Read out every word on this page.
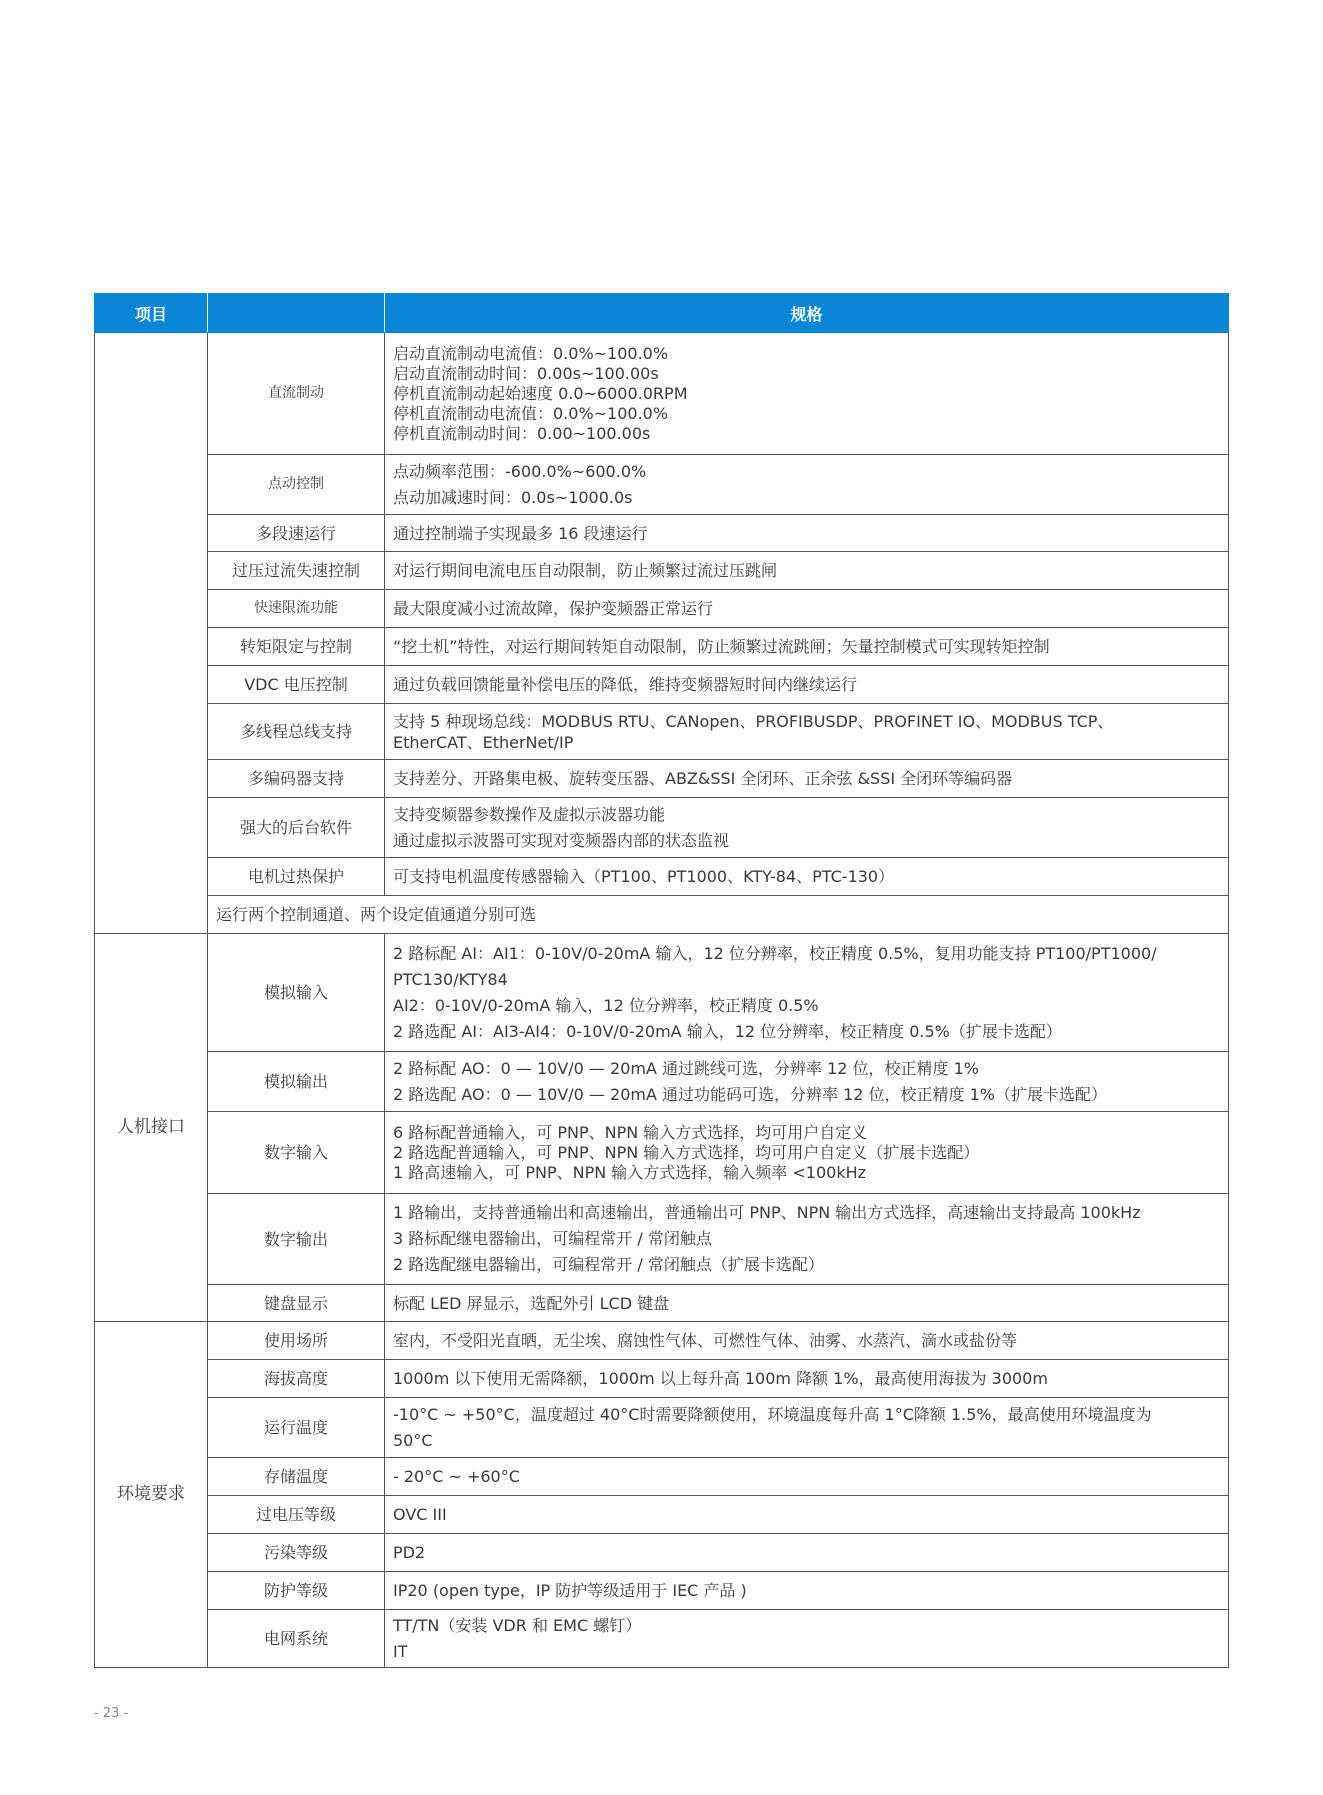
项目		规格
	直流制动	启动直流制动电流值：0.0%~100.0%
启动直流制动时间：0.00s~100.00s
停机直流制动起始速度 0.0~6000.0RPM
停机直流制动电流值：0.0%~100.0%
停机直流制动时间：0.00~100.00s

	点动控制	点动频率范围：-600.0%~600.0%
点动加减速时间：0.0s~1000.0s

	多段速运行	通过控制端子实现最多 16 段速运行

	过压过流失速控制	对运行期间电流电压自动限制，防止频繁过流过压跳闸

	快速限流功能	最大限度减小过流故障，保护变频器正常运行

	转矩限定与控制	“挖土机”特性，对运行期间转矩自动限制，防止频繁过流跳闸；矢量控制模式可实现转矩控制

	VDC 电压控制	通过负载回馈能量补偿电压的降低，维持变频器短时间内继续运行

	多线程总线支持	支持 5 种现场总线：MODBUS RTU、CANopen、PROFIBUSDP、PROFINET IO、MODBUS TCP、
EtherCAT、EtherNet/IP

	多编码器支持	支持差分、开路集电极、旋转变压器、ABZ&SSI 全闭环、正余弦 &SSI 全闭环等编码器

	强大的后台软件	支持变频器参数操作及虚拟示波器功能
通过虚拟示波器可实现对变频器内部的状态监视

	电机过热保护	可支持电机温度传感器输入（PT100、PT1000、KTY-84、PTC-130）

	运行两个控制通道、两个设定值通道分别可选	
人机接口	模拟输入	2 路标配 AI：AI1：0-10V/0-20mA 输入，12 位分辨率，校正精度 0.5%，复用功能支持 PT100/PT1000/
PTC130/KTY84
AI2：0-10V/0-20mA 输入，12 位分辨率，校正精度 0.5%
2 路选配 AI：AI3-AI4：0-10V/0-20mA 输入，12 位分辨率，校正精度 0.5%（扩展卡选配）

	模拟输出	2 路标配 AO：0 — 10V/0 — 20mA 通过跳线可选，分辨率 12 位，校正精度 1%
2 路选配 AO：0 — 10V/0 — 20mA 通过功能码可选，分辨率 12 位，校正精度 1%（扩展卡选配）

	数字输入	6 路标配普通输入，可 PNP、NPN 输入方式选择，均可用户自定义
2 路选配普通输入，可 PNP、NPN 输入方式选择，均可用户自定义（扩展卡选配）
1 路高速输入，可 PNP、NPN 输入方式选择，输入频率 <100kHz

	数字输出	1 路输出，支持普通输出和高速输出，普通输出可 PNP、NPN 输出方式选择，高速输出支持最高 100kHz
3 路标配继电器输出，可编程常开 / 常闭触点
2 路选配继电器输出，可编程常开 / 常闭触点（扩展卡选配）

	键盘显示	标配 LED 屏显示，选配外引 LCD 键盘

环境要求	使用场所	室内，不受阳光直晒，无尘埃、腐蚀性气体、可燃性气体、油雾、水蒸汽、滴水或盐份等

	海拔高度	1000m 以下使用无需降额，1000m 以上每升高 100m 降额 1%，最高使用海拔为 3000m

	运行温度	-10°C ~ +50°C，温度超过 40°C时需要降额使用，环境温度每升高 1°C降额 1.5%，最高使用环境温度为
50°C

	存储温度	- 20°C ~ +60°C

	过电压等级	OVC III

	污染等级	PD2

	防护等级	IP20 (open type，IP 防护等级适用于 IEC 产品 )

	电网系统	TT/TN（安装 VDR 和 EMC 螺钉）
IT
- 23 -
